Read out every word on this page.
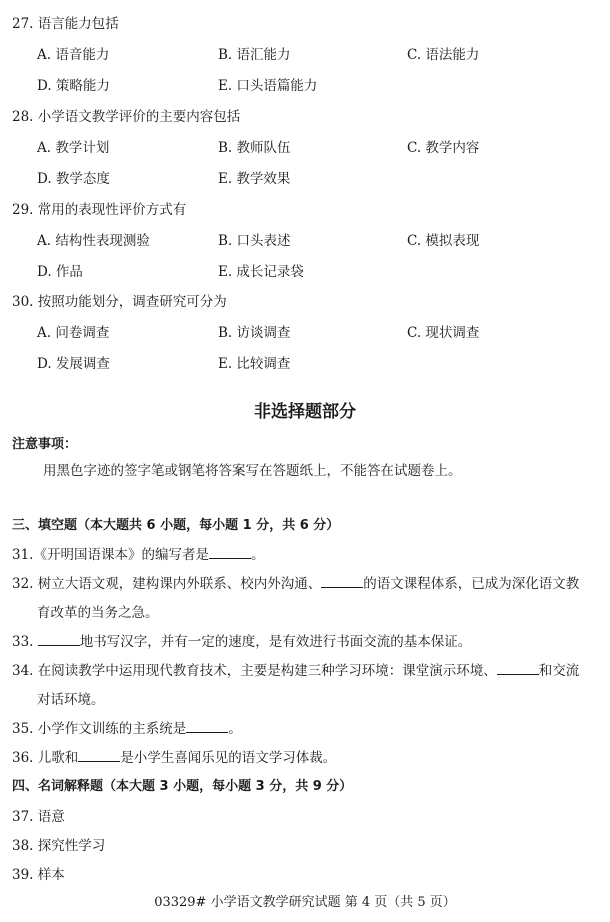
27. 语言能力包括
A. 语音能力	B. 语汇能力	C. 语法能力
D. 策略能力	E. 口头语篇能力
28. 小学语文教学评价的主要内容包括
A. 教学计划	B. 教师队伍	C. 教学内容
D. 教学态度	E. 教学效果
29. 常用的表现性评价方式有
A. 结构性表现测验	B. 口头表述	C. 模拟表现
D. 作品	E. 成长记录袋
30. 按照功能划分，调查研究可分为
A. 问卷调查	B. 访谈调查	C. 现状调查
D. 发展调查	E. 比较调查
非选择题部分
注意事项：
用黑色字迹的签字笔或钢笔将答案写在答题纸上，不能答在试题卷上。
三、填空题（本大题共 6 小题，每小题 1 分，共 6 分）
31.《开明国语课本》的编写者是	。
32. 树立大语文观，建构课内外联系、校内外沟通、	的语文课程体系，已成为深化语文教
育改革的当务之急。
33.	地书写汉字，并有一定的速度，是有效进行书面交流的基本保证。
34. 在阅读教学中运用现代教育技术，主要是构建三种学习环境：课堂演示环境、	和交流
对话环境。
35. 小学作文训练的主系统是	。
36. 儿歌和	是小学生喜闻乐见的语文学习体裁。
四、名词解释题（本大题 3 小题，每小题 3 分，共 9 分）
37. 语意
38. 探究性学习
39. 样本
03329# 小学语文教学研究试题 第 4 页（共 5 页）
